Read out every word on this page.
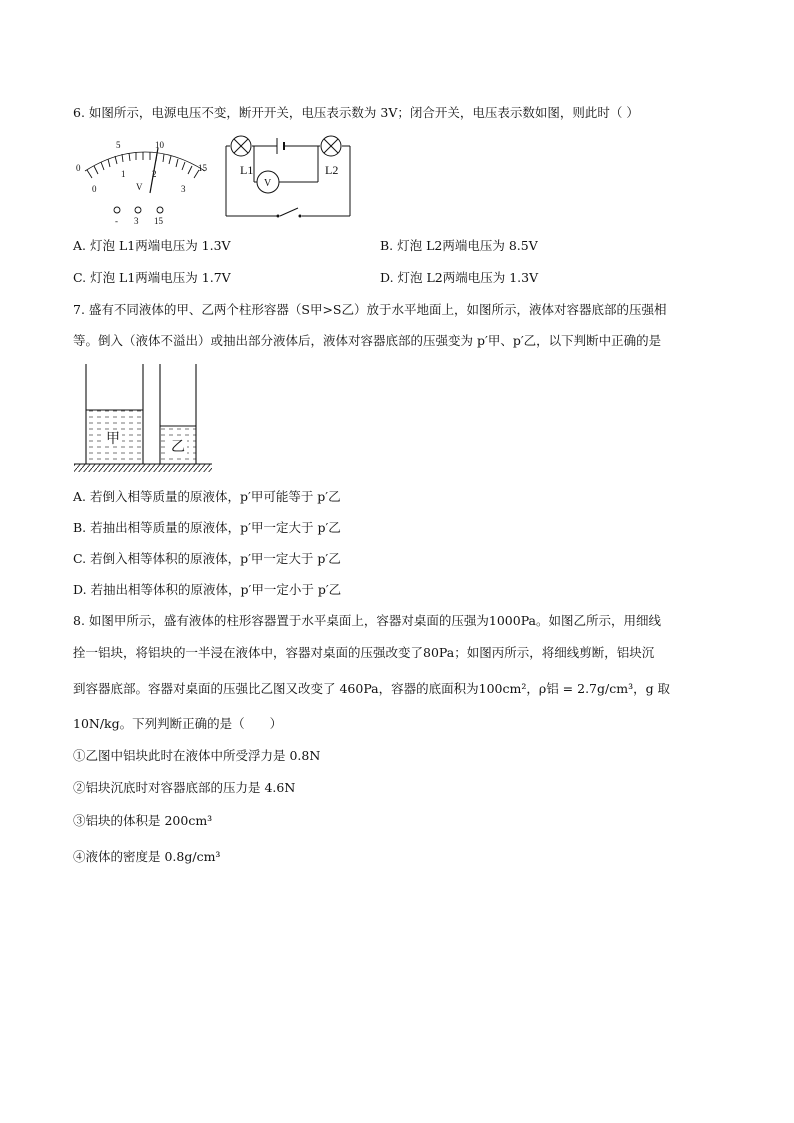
6. 如图所示，电源电压不变，断开开关，电压表示数为 3V；闭合开关，电压表示数如图，则此时（ ）
0
5	10
15
0
1	2
3
V
- 3 15
L1	L2
V
A. 灯泡 L1两端电压为 1.3V	B. 灯泡 L2两端电压为 8.5V
C. 灯泡 L1两端电压为 1.7V	D. 灯泡 L2两端电压为 1.3V
7. 盛有不同液体的甲、乙两个柱形容器（S甲>S乙）放于水平地面上，如图所示，液体对容器底部的压强相
等。倒入（液体不溢出）或抽出部分液体后，液体对容器底部的压强变为 p′甲、p′乙，以下判断中正确的是
甲	乙
A. 若倒入相等质量的原液体，p′甲可能等于 p′乙
B. 若抽出相等质量的原液体，p′甲一定大于 p′乙
C. 若倒入相等体积的原液体，p′甲一定大于 p′乙
D. 若抽出相等体积的原液体，p′甲一定小于 p′乙
8. 如图甲所示，盛有液体的柱形容器置于水平桌面上，容器对桌面的压强为1000Pa。如图乙所示，用细线
拴一铝块，将铝块的一半浸在液体中，容器对桌面的压强改变了80Pa；如图丙所示，将细线剪断，铝块沉
到容器底部。容器对桌面的压强比乙图又改变了 460Pa，容器的底面积为100cm²，ρ铝 = 2.7g/cm³，g 取
10N/kg。下列判断正确的是（　　）
①乙图中铝块此时在液体中所受浮力是 0.8N
②铝块沉底时对容器底部的压力是 4.6N
③铝块的体积是 200cm³
④液体的密度是 0.8g/cm³
